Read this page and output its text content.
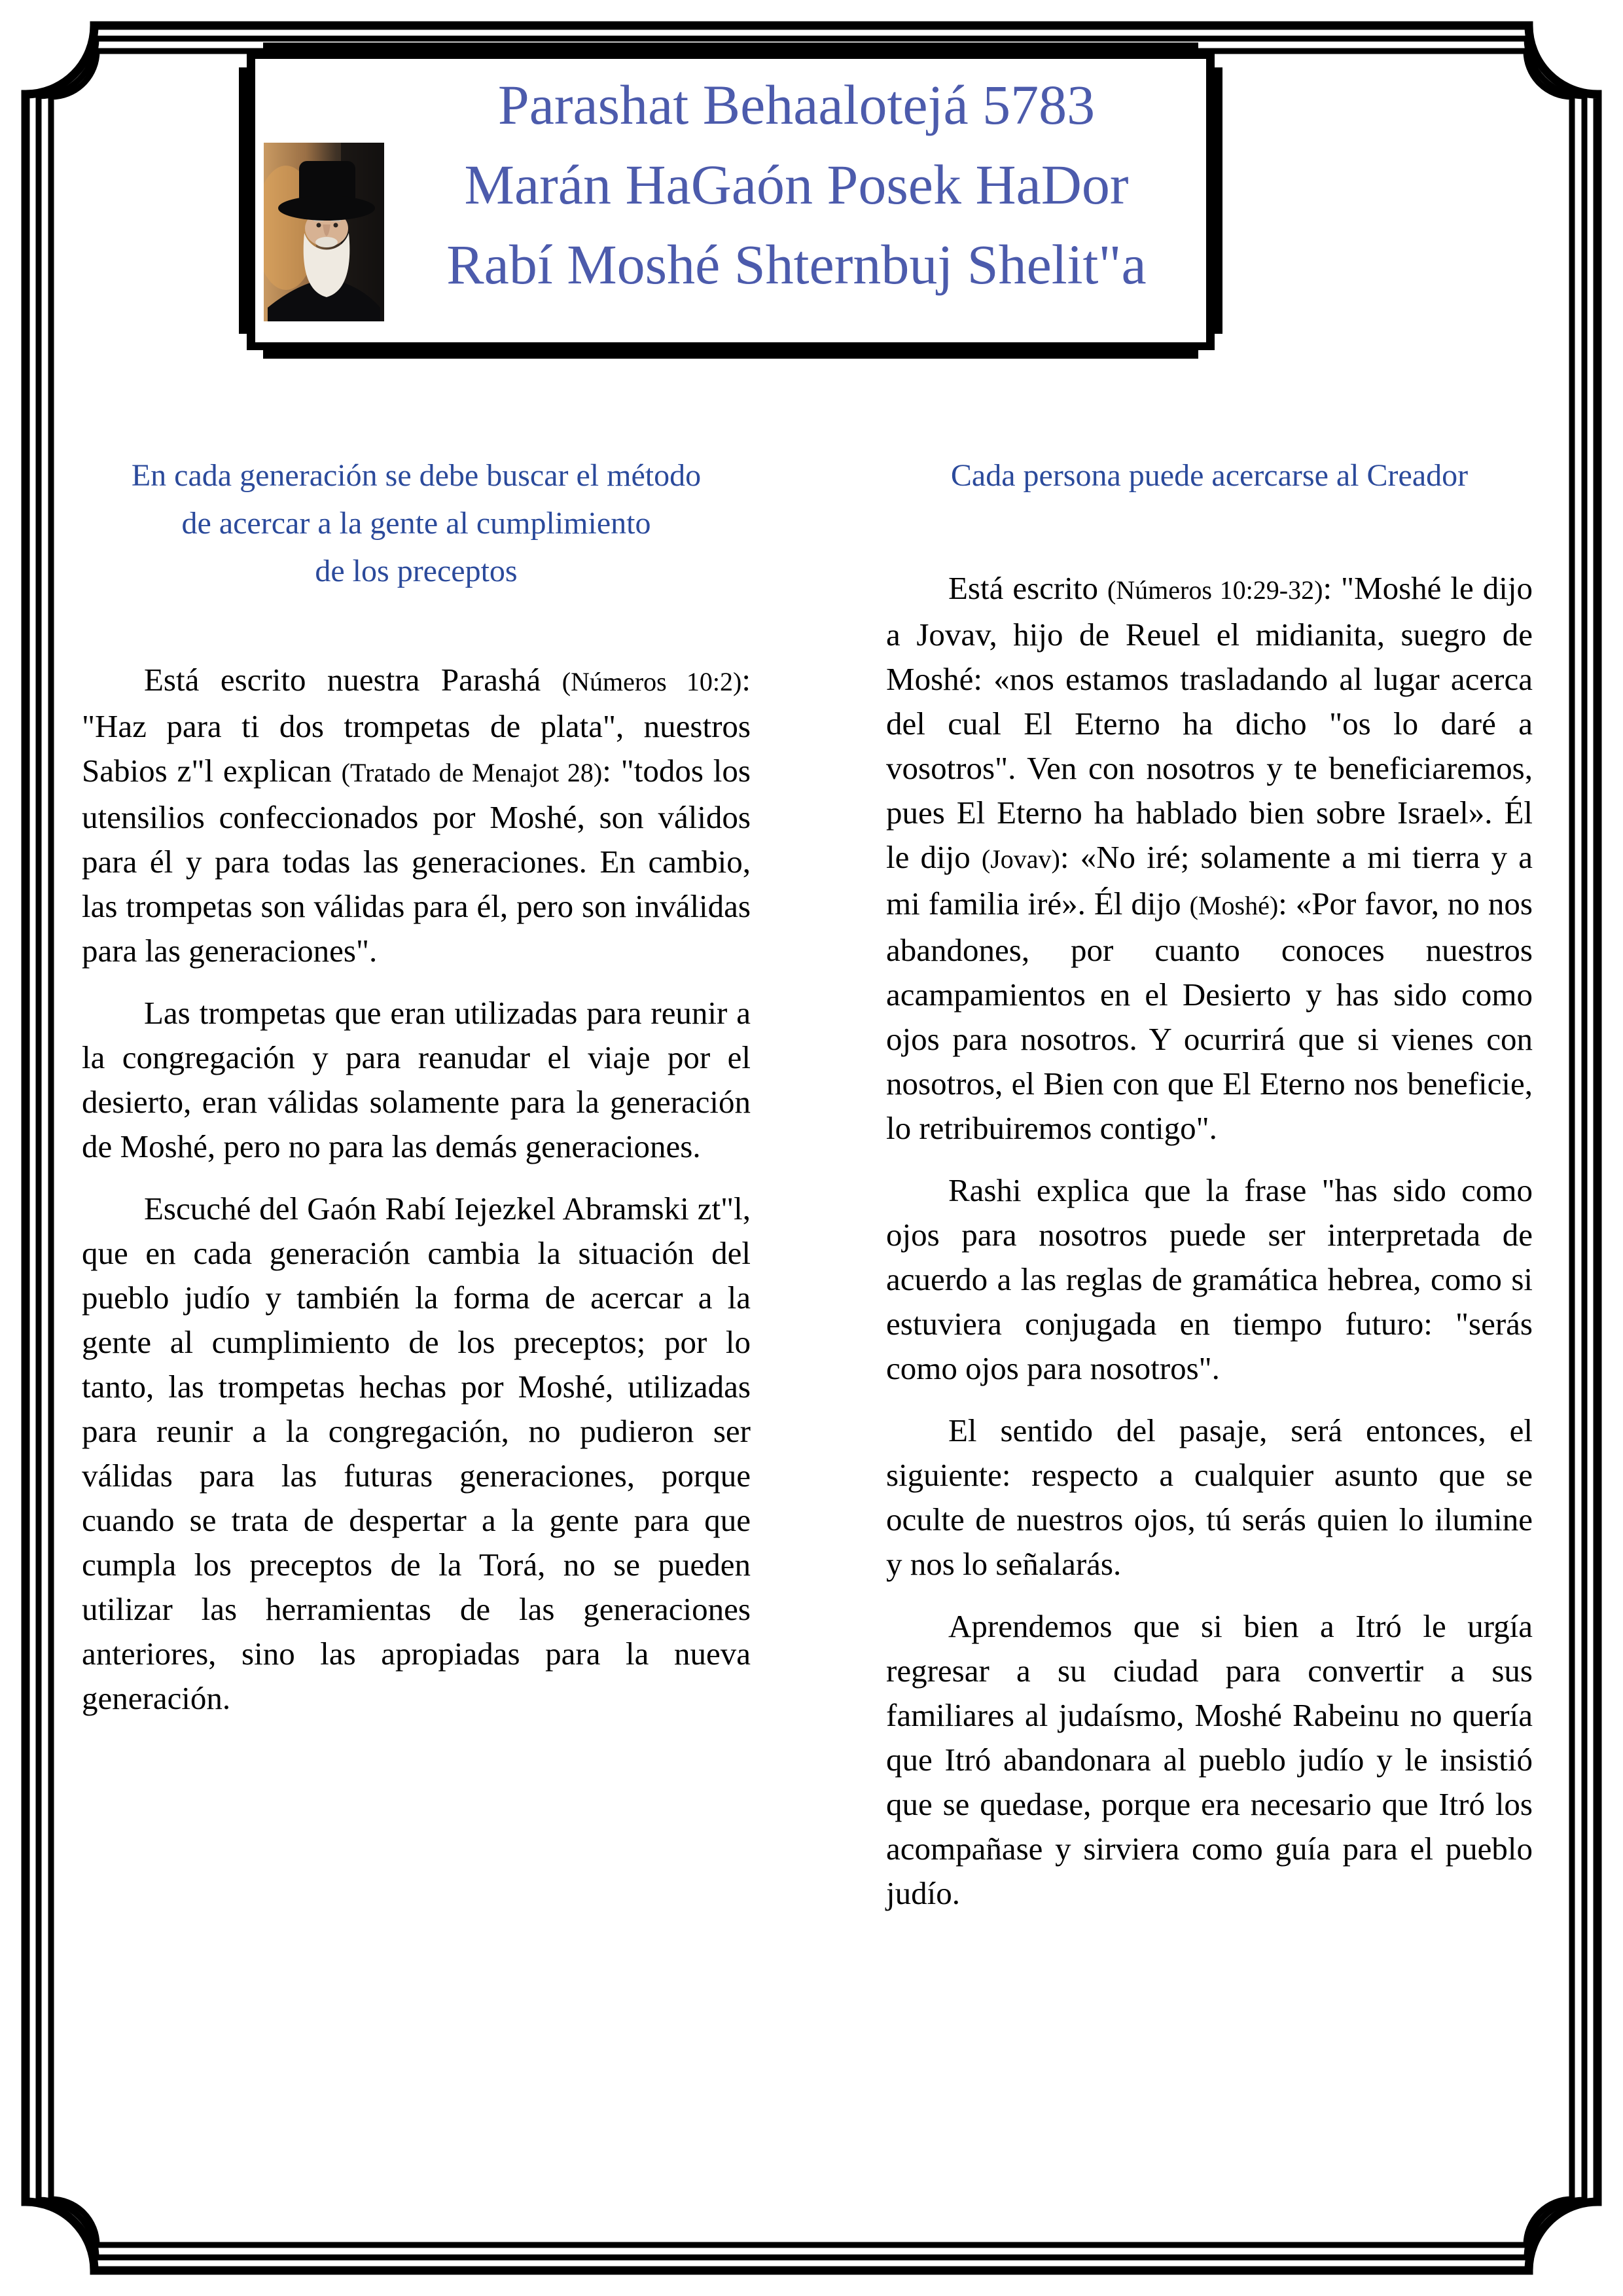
Parashat Behaalotejá 5783
Marán HaGaón Posek HaDor
Rabí Moshé Shternbuj Shelit"a
En cada generación se debe buscar el método
de acercar a la gente al cumplimiento
de los preceptos

Está escrito nuestra Parashá (Números 10:2): "Haz para ti dos trompetas de plata", nuestros Sabios z"l explican (Tratado de Menajot 28): "todos los utensilios confeccionados por Moshé, son válidos para él y para todas las generaciones. En cambio, las trompetas son válidas para él, pero son inválidas para las generaciones".

Las trompetas que eran utilizadas para reunir a la congregación y para reanudar el viaje por el desierto, eran válidas solamente para la generación de Moshé, pero no para las demás generaciones.

Escuché del Gaón Rabí Iejezkel Abramski zt"l, que en cada generación cambia la situación del pueblo judío y también la forma de acercar a la gente al cumplimiento de los preceptos; por lo tanto, las trompetas hechas por Moshé, utilizadas para reunir a la congregación, no pudieron ser válidas para las futuras generaciones, porque cuando se trata de despertar a la gente para que cumpla los preceptos de la Torá, no se pueden utilizar las herramientas de las generaciones anteriores, sino las apropiadas para la nueva generación.

Cada persona puede acercarse al Creador

Está escrito (Números 10:29-32): "Moshé le dijo a Jovav, hijo de Reuel el midianita, suegro de Moshé: «nos estamos trasladando al lugar acerca del cual El Eterno ha dicho "os lo daré a vosotros". Ven con nosotros y te beneficiaremos, pues El Eterno ha hablado bien sobre Israel». Él le dijo (Jovav): «No iré; solamente a mi tierra y a mi familia iré». Él dijo (Moshé): «Por favor, no nos abandones, por cuanto conoces nuestros acampamientos en el Desierto y has sido como ojos para nosotros. Y ocurrirá que si vienes con nosotros, el Bien con que El Eterno nos beneficie, lo retribuiremos contigo".

Rashi explica que la frase "has sido como ojos para nosotros puede ser interpretada de acuerdo a las reglas de gramática hebrea, como si estuviera conjugada en tiempo futuro: "serás como ojos para nosotros".

El sentido del pasaje, será entonces, el siguiente: respecto a cualquier asunto que se oculte de nuestros ojos, tú serás quien lo ilumine y nos lo señalarás.

Aprendemos que si bien a Itró le urgía regresar a su ciudad para convertir a sus familiares al judaísmo, Moshé Rabeinu no quería que Itró abandonara al pueblo judío y le insistió que se quedase, porque era necesario que Itró los acompañase y sirviera como guía para el pueblo judío.
